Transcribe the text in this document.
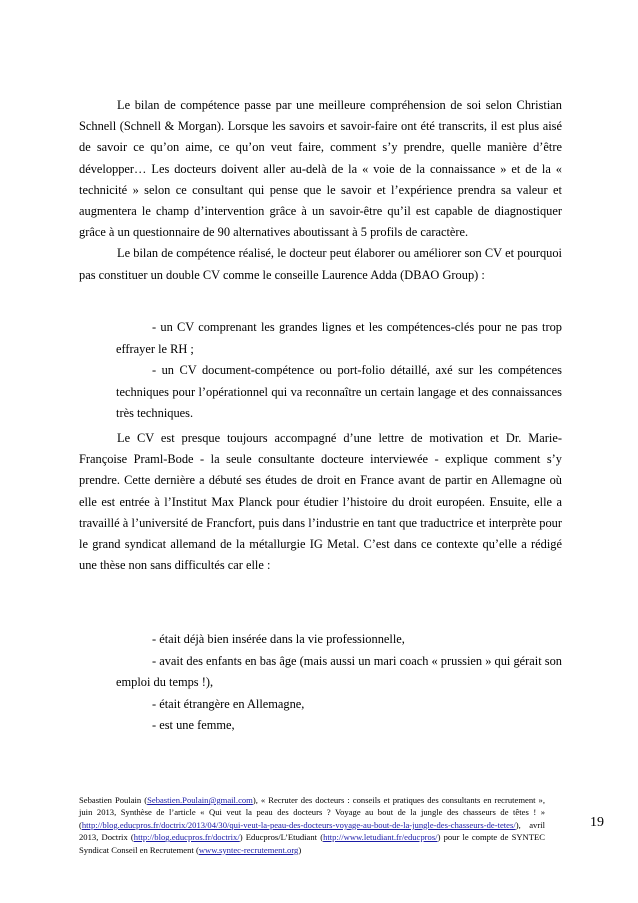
Le bilan de compétence passe par une meilleure compréhension de soi selon Christian Schnell (Schnell & Morgan). Lorsque les savoirs et savoir-faire ont été transcrits, il est plus aisé de savoir ce qu’on aime, ce qu’on veut faire, comment s’y prendre, quelle manière d’être développer… Les docteurs doivent aller au-delà de la « voie de la connaissance » et de la « technicité » selon ce consultant qui pense que le savoir et l’expérience prendra sa valeur et augmentera le champ d’intervention grâce à un savoir-être qu’il est capable de diagnostiquer grâce à un questionnaire de 90 alternatives aboutissant à 5 profils de caractère.

Le bilan de compétence réalisé, le docteur peut élaborer ou améliorer son CV et pourquoi pas constituer un double CV comme le conseille Laurence Adda (DBAO Group) :

- un CV comprenant les grandes lignes et les compétences-clés pour ne pas trop effrayer le RH ;

- un CV document-compétence ou port-folio détaillé, axé sur les compétences techniques pour l’opérationnel qui va reconnaître un certain langage et des connaissances très techniques.

Le CV est presque toujours accompagné d’une lettre de motivation et Dr. Marie-Françoise Praml-Bode - la seule consultante docteure interviewée - explique comment s’y prendre. Cette dernière a débuté ses études de droit en France avant de partir en Allemagne où elle est entrée à l’Institut Max Planck pour étudier l’histoire du droit européen. Ensuite, elle a travaillé à l’université de Francfort, puis dans l’industrie en tant que traductrice et interprète pour le grand syndicat allemand de la métallurgie IG Metal. C’est dans ce contexte qu’elle a rédigé une thèse non sans difficultés car elle :

- était déjà bien insérée dans la vie professionnelle,

- avait des enfants en bas âge (mais aussi un mari coach « prussien » qui gérait son emploi du temps !),

- était étrangère en Allemagne,

- est une femme,

Sebastien Poulain (Sebastien.Poulain@gmail.com), « Recruter des docteurs : conseils et pratiques des consultants en recrutement », juin 2013, Synthèse de l’article « Qui veut la peau des docteurs ? Voyage au bout de la jungle des chasseurs de têtes ! » (http://blog.educpros.fr/doctrix/2013/04/30/qui-veut-la-peau-des-docteurs-voyage-au-bout-de-la-jungle-des-chasseurs-de-tetes/), avril 2013, Doctrix (http://blog.educpros.fr/doctrix/) Educpros/L’Etudiant (http://www.letudiant.fr/educpros/) pour le compte de SYNTEC Syndicat Conseil en Recrutement (www.syntec-recrutement.org)
19
